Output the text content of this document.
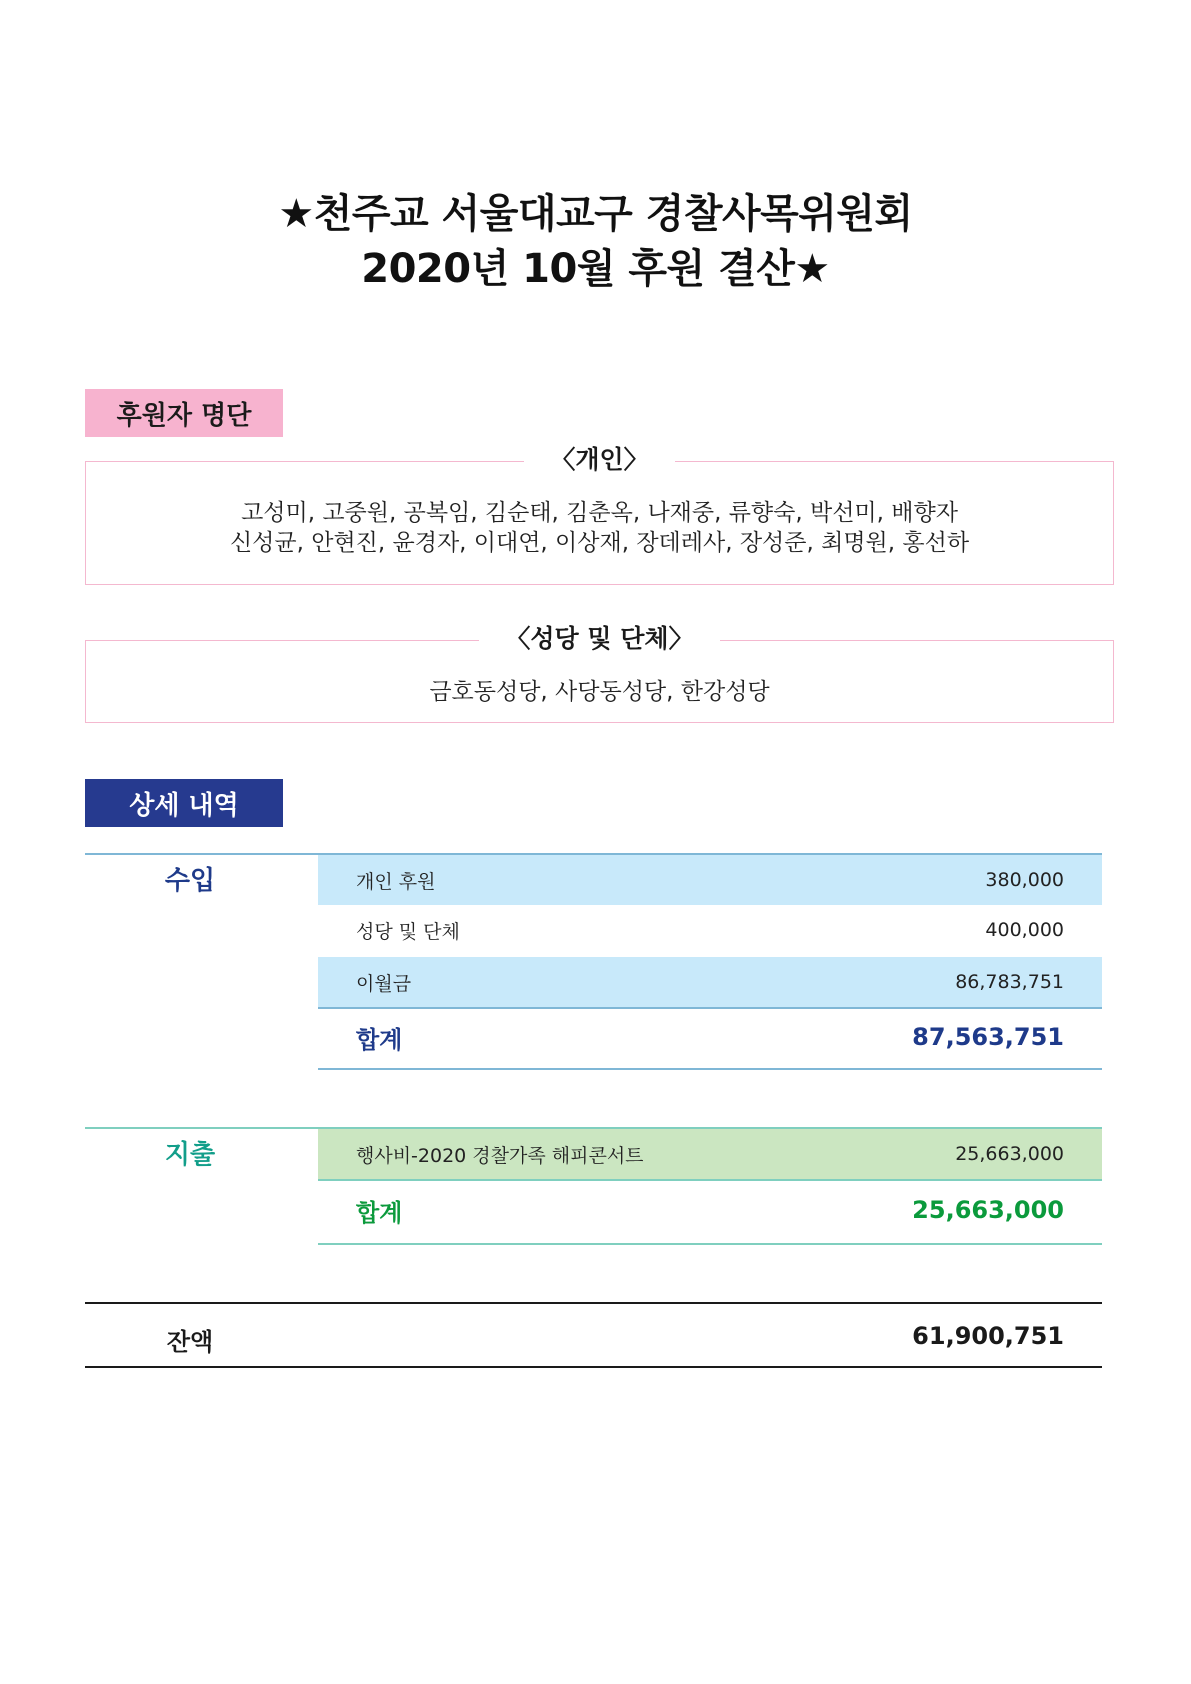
★천주교 서울대교구 경찰사목위원회
2020년 10월 후원 결산★
후원자 명단
〈개인〉
고성미, 고중원, 공복임, 김순태, 김춘옥, 나재중, 류향숙, 박선미, 배향자
신성균, 안현진, 윤경자, 이대연, 이상재, 장데레사, 장성준, 최명원, 홍선하
〈성당 및 단체〉
금호동성당, 사당동성당, 한강성당
상세 내역
수입	개인 후원	380,000
성당 및 단체	400,000
이월금	86,783,751
합계	87,563,751
지출	행사비-2020 경찰가족 해피콘서트	25,663,000
합계	25,663,000
잔액	61,900,751
